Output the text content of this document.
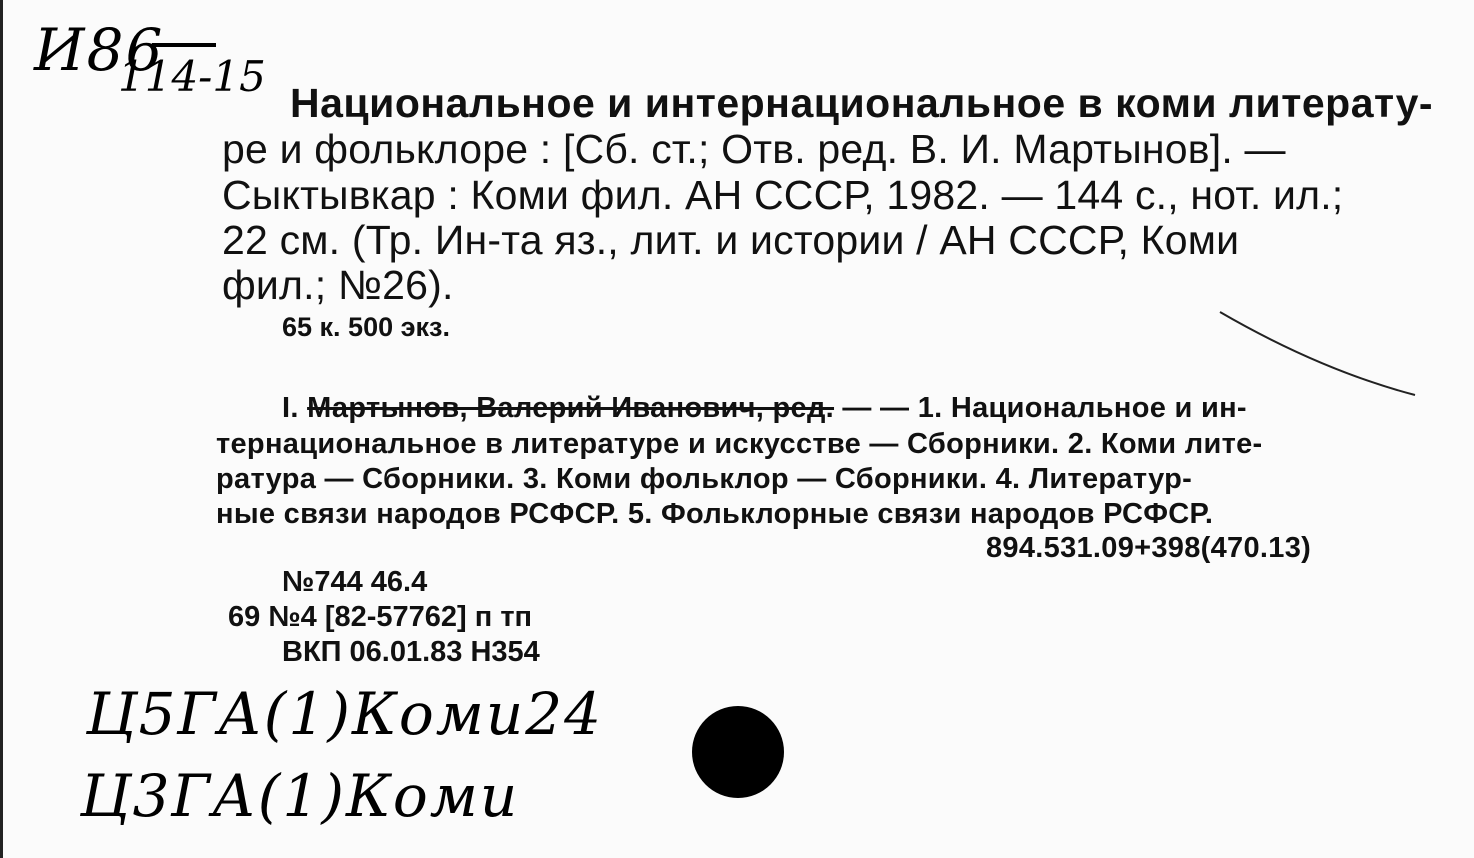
И86
114-15
Национальное и интернациональное в коми литерату-
ре и фольклоре : [Сб. ст.; Отв. ред. В. И. Мартынов]. —
Сыктывкар : Коми фил. АН СССР, 1982. — 144 с., нот. ил.;
22 см. (Тр. Ин-та яз., лит. и истории / АН СССР, Коми
фил.; №26).
65 к. 500 экз.
I. Мартынов, Валерий Иванович, ред. — — 1. Национальное и ин-
тернациональное в литературе и искусстве — Сборники. 2. Коми лите-
ратура — Сборники. 3. Коми фольклор — Сборники. 4. Литератур-
ные связи народов РСФСР. 5. Фольклорные связи народов РСФСР.
894.531.09+398(470.13)
№744 46.4
69 №4 [82-57762] п тп
ВКП 06.01.83 Н354
Ц5ГА(1)Коми24
Ц3ГА(1)Коми
